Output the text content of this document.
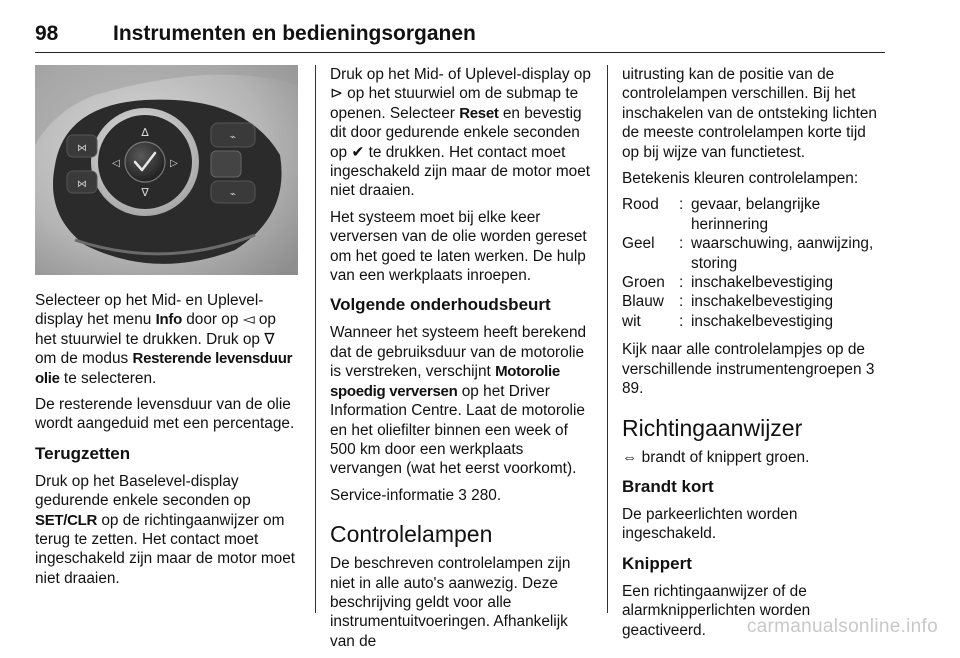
98	Instrumenten en bedieningsorganen
∆
∇
◁	▷
⋈
⋈
⌁
⌁

Selecteer op het Mid- en Uplevel-display het menu Info door op ◅ op het stuurwiel te drukken. Druk op ∇ om de modus Resterende levensduur olie te selecteren.

De resterende levensduur van de olie wordt aangeduid met een percentage.

Terugzetten

Druk op het Baselevel-display gedurende enkele seconden op SET/CLR op de richtingaanwijzer om terug te zetten. Het contact moet ingeschakeld zijn maar de motor moet niet draaien.

Druk op het Mid- of Uplevel-display op ⊳ op het stuurwiel om de submap te openen. Selecteer Reset en bevestig dit door gedurende enkele seconden op ✔ te drukken. Het contact moet ingeschakeld zijn maar de motor moet niet draaien.

Het systeem moet bij elke keer verversen van de olie worden gereset om het goed te laten werken. De hulp van een werkplaats inroepen.

Volgende onderhoudsbeurt

Wanneer het systeem heeft berekend dat de gebruiksduur van de motorolie is verstreken, verschijnt Motorolie spoedig verversen op het Driver Information Centre. Laat de motorolie en het oliefilter binnen een week of 500 km door een werkplaats vervangen (wat het eerst voorkomt).

Service-informatie 3 280.

Controlelampen

De beschreven controlelampen zijn niet in alle auto's aanwezig. Deze beschrijving geldt voor alle instrumentuitvoeringen. Afhankelijk van de

uitrusting kan de positie van de controlelampen verschillen. Bij het inschakelen van de ontsteking lichten de meeste controlelampen korte tijd op bij wijze van functietest.

Betekenis kleuren controlelampen:

Rood	: gevaar, belangrijke herinnering
Geel	: waarschuwing, aanwijzing, storing
Groen : inschakelbevestiging
Blauw : inschakelbevestiging
wit	: inschakelbevestiging

Kijk naar alle controlelampjes op de verschillende instrumentengroepen 3 89.

Richtingaanwijzer

⇔ brandt of knippert groen.

Brandt kort

De parkeerlichten worden ingeschakeld.

Knippert

Een richtingaanwijzer of de alarmknipperlichten worden geactiveerd.	carmanualsonline.info
